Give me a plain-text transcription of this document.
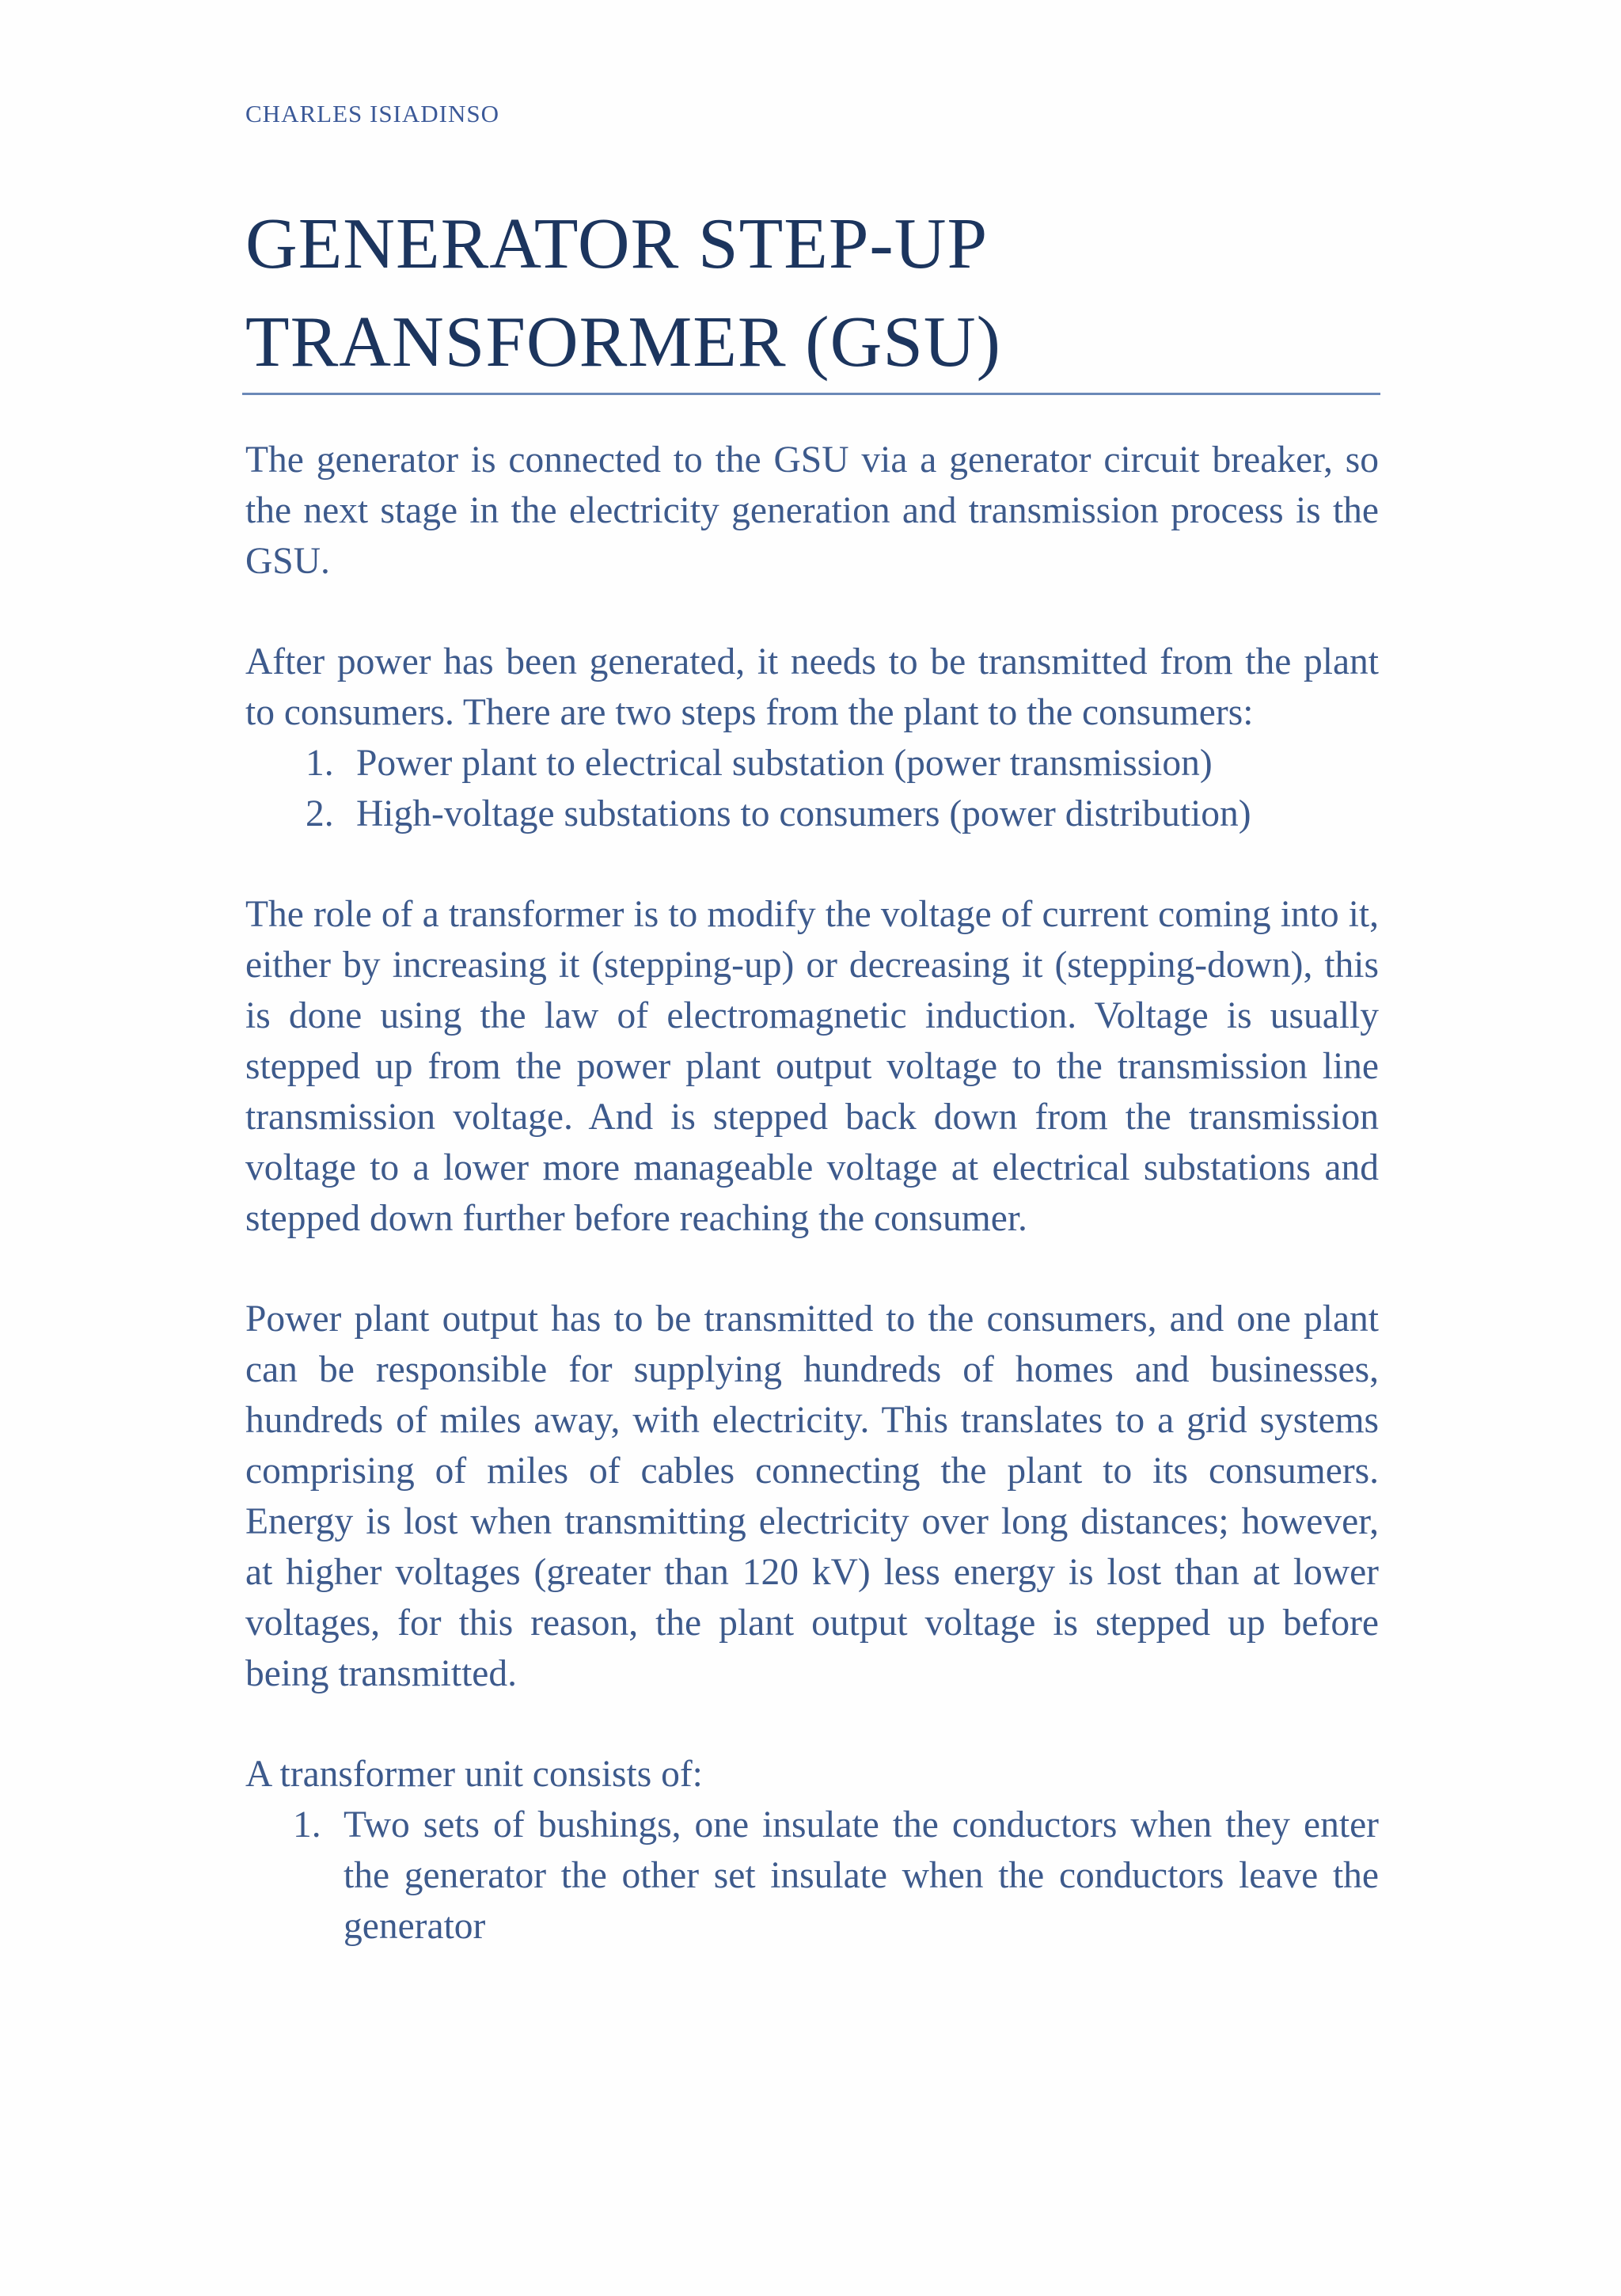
CHARLES ISIADINSO
GENERATOR STEP-UP
TRANSFORMER (GSU)

The generator is connected to the GSU via a generator circuit breaker, so the next stage in the electricity generation and transmission process is the GSU.

After power has been generated, it needs to be transmitted from the plant to consumers. There are two steps from the plant to the consumers:

1. Power plant to electrical substation (power transmission)
2. High-voltage substations to consumers (power distribution)

The role of a transformer is to modify the voltage of current coming into it, either by increasing it (stepping-up) or decreasing it (stepping-down), this is done using the law of electromagnetic induction. Voltage is usually stepped up from the power plant output voltage to the transmission line transmission voltage. And is stepped back down from the transmission voltage to a lower more manageable voltage at electrical substations and stepped down further before reaching the consumer.

Power plant output has to be transmitted to the consumers, and one plant can be responsible for supplying hundreds of homes and businesses, hundreds of miles away, with electricity. This translates to a grid systems comprising of miles of cables connecting the plant to its consumers. Energy is lost when transmitting electricity over long distances; however, at higher voltages (greater than 120 kV) less energy is lost than at lower voltages, for this reason, the plant output voltage is stepped up before being transmitted.

A transformer unit consists of:

1. Two sets of bushings, one insulate the conductors when they enter the generator the other set insulate when the conductors leave the generator
